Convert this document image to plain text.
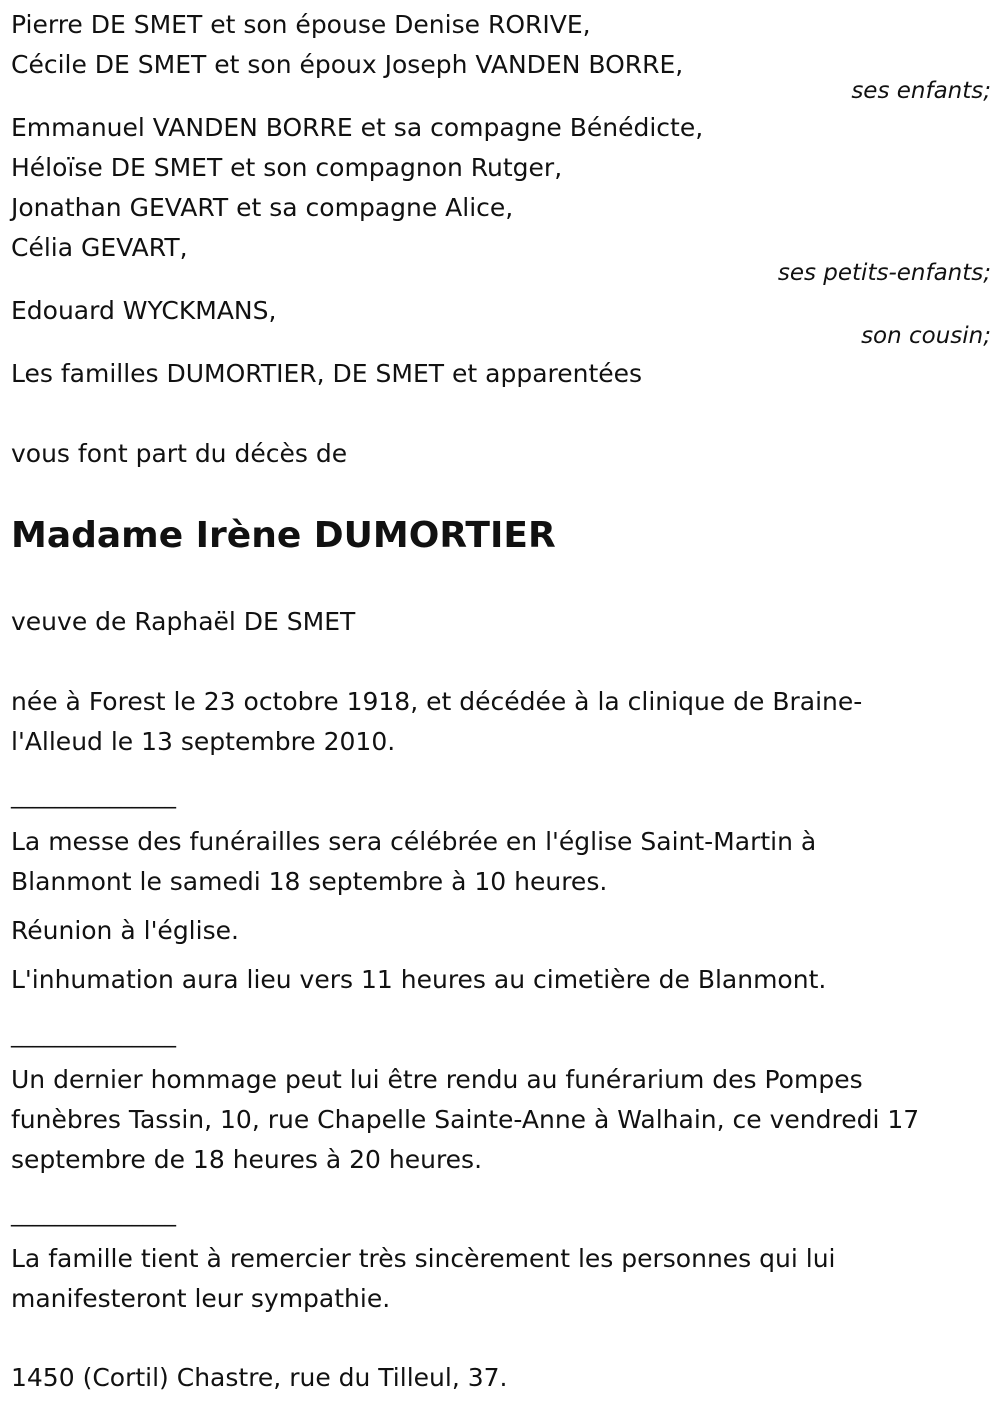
Pierre DE SMET et son épouse Denise RORIVE,
Cécile DE SMET et son époux Joseph VANDEN BORRE,
ses enfants;
Emmanuel VANDEN BORRE et sa compagne Bénédicte,
Héloïse DE SMET et son compagnon Rutger,
Jonathan GEVART et sa compagne Alice,
Célia GEVART,
ses petits-enfants;
Edouard WYCKMANS,
son cousin;
Les familles DUMORTIER, DE SMET et apparentées
vous font part du décès de
Madame Irène DUMORTIER
veuve de Raphaël DE SMET
née à Forest le 23 octobre 1918, et décédée à la clinique de Braine-
l'Alleud le 13 septembre 2010.
_______________
La messe des funérailles sera célébrée en l'église Saint-Martin à
Blanmont le samedi 18 septembre à 10 heures.
Réunion à l'église.
L'inhumation aura lieu vers 11 heures au cimetière de Blanmont.
_______________
Un dernier hommage peut lui être rendu au funérarium des Pompes
funèbres Tassin, 10, rue Chapelle Sainte-Anne à Walhain, ce vendredi 17
septembre de 18 heures à 20 heures.
_______________
La famille tient à remercier très sincèrement les personnes qui lui
manifesteront leur sympathie.
1450 (Cortil) Chastre, rue du Tilleul, 37.
